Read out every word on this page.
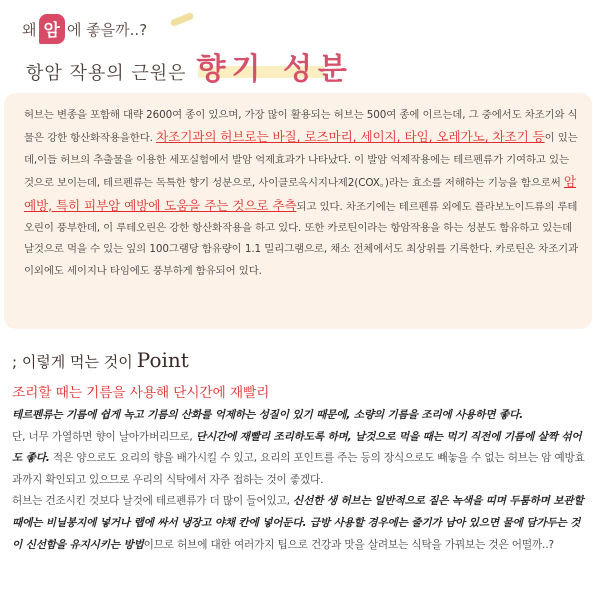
왜 암 에 좋을까..?
항암 작용의 근원은 향기 성분
허브는 변종을 포함해 대략 2600여 종이 있으며, 가장 많이 활용되는 허브는 500여 종에 이르는데, 그 중에서도 차조기와 식물은 강한 항산화작용을한다. 차조기과의 허브로는 바질, 로즈마리, 세이지, 타임, 오레가노, 차조기 등이 있는데,이들 허브의 추출물을 이용한 세포실험에서 발암 억제효과가 나타났다. 이 발암 억제작용에는 테르펜류가 기여하고 있는 것으로 보이는데, 테르펜류는 독특한 향기 성분으로, 사이클로옥시지나제2(COX。)라는 효소를 저해하는 기능을 함으로써 암 예방, 특히 피부암 예방에 도움을 주는 것으로 추측되고 있다. 차조기에는 테르펜류 외에도 플라보노이드류의 루테오린이 풍부한데, 이 루테오린은 강한 항산화작용을 하고 있다. 또한 카로틴이라는 항암작용을 하는 성분도 함유하고 있는데 날것으로 먹을 수 있는 잎의 100그램당 함유량이 1.1 밀리그램으로, 채소 전체에서도 최상위를 기록한다. 카로틴은 차조기과 이외에도 세이지나 타임에도 풍부하게 함유되어 있다.
; 이렇게 먹는 것이 Point
조리할 때는 기름을 사용해 단시간에 재빨리
테르펜류는 기름에 쉽게 녹고 기름의 산화를 억제하는 성질이 있기 때문에, 소량의 기름을 조리에 사용하면 좋다.
단, 너무 가열하면 향이 날아가버리므로, 단시간에 재빨리 조리하도록 하며, 날것으로 먹을 때는 먹기 직전에 기름에 살짝 섞어도 좋다. 적은 양으로도 요리의 향을 배가시킬 수 있고, 요리의 포인트를 주는 등의 장식으로도 빼놓을 수 없는 허브는 암 예방효과까지 확인되고 있으므로 우리의 식탁에서 자주 접하는 것이 좋겠다.
허브는 건조시킨 것보다 날것에 테르펜류가 더 많이 들어있고, 신선한 생 허브는 일반적으로 짙은 녹색을 띠며 두툼하며 보관할 때에는 비닐봉지에 넣거나 랩에 싸서 냉장고 야채 칸에 넣어둔다. 급방 사용할 경우에는 줄기가 남아 있으면 물에 담가두는 것이 신선함을 유지시키는 방법이므로 허브에 대한 여러가지 팁으로 건강과 맛을 살려보는 식탁을 가꿔보는 것은 어떨까..?
